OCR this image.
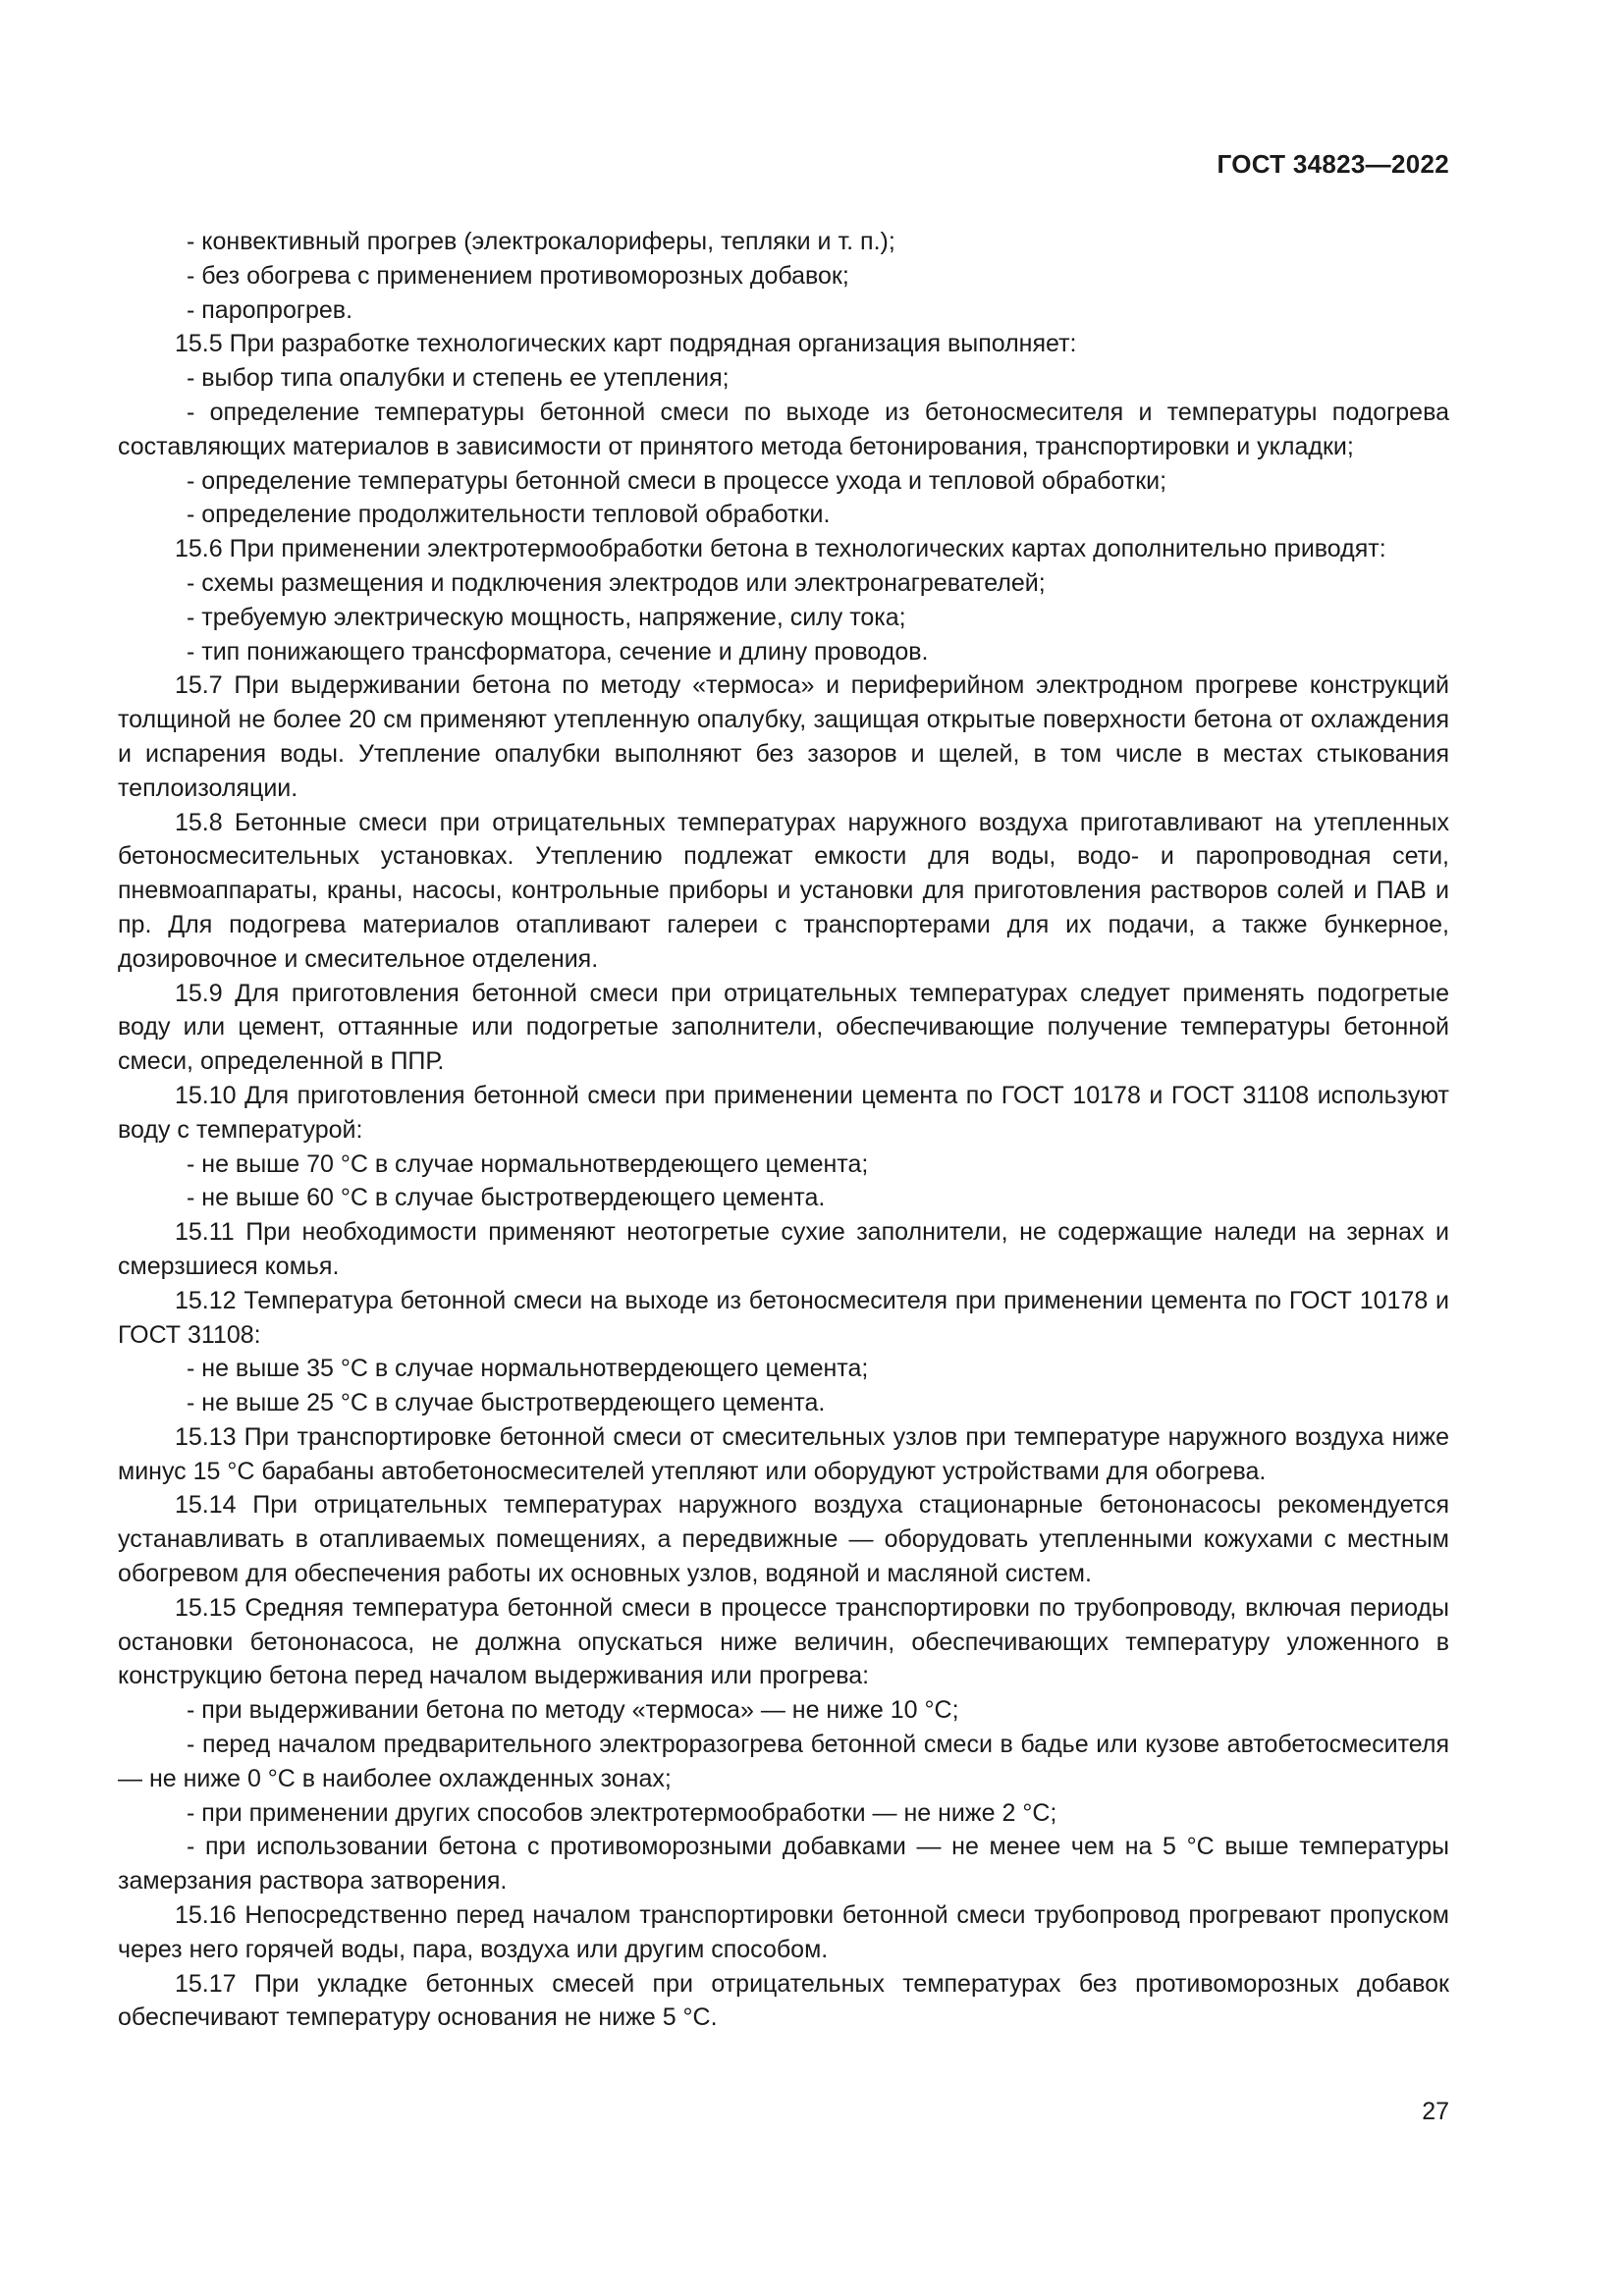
ГОСТ 34823—2022

- конвективный прогрев (электрокалориферы, тепляки и т. п.);

- без обогрева с применением противоморозных добавок;

- паропрогрев.

15.5 При разработке технологических карт подрядная организация выполняет:

- выбор типа опалубки и степень ее утепления;

- определение температуры бетонной смеси по выходе из бетоносмесителя и температуры подогрева составляющих материалов в зависимости от принятого метода бетонирования, транспортировки и укладки;

- определение температуры бетонной смеси в процессе ухода и тепловой обработки;

- определение продолжительности тепловой обработки.

15.6 При применении электротермообработки бетона в технологических картах дополнительно приводят:

- схемы размещения и подключения электродов или электронагревателей;

- требуемую электрическую мощность, напряжение, силу тока;

- тип понижающего трансформатора, сечение и длину проводов.

15.7 При выдерживании бетона по методу «термоса» и периферийном электродном прогреве конструкций толщиной не более 20 см применяют утепленную опалубку, защищая открытые поверхности бетона от охлаждения и испарения воды. Утепление опалубки выполняют без зазоров и щелей, в том числе в местах стыкования теплоизоляции.

15.8 Бетонные смеси при отрицательных температурах наружного воздуха приготавливают на утепленных бетоносмесительных установках. Утеплению подлежат емкости для воды, водо- и паропроводная сети, пневмоаппараты, краны, насосы, контрольные приборы и установки для приготовления растворов солей и ПАВ и пр. Для подогрева материалов отапливают галереи с транспортерами для их подачи, а также бункерное, дозировочное и смесительное отделения.

15.9 Для приготовления бетонной смеси при отрицательных температурах следует применять подогретые воду или цемент, оттаянные или подогретые заполнители, обеспечивающие получение температуры бетонной смеси, определенной в ППР.

15.10 Для приготовления бетонной смеси при применении цемента по ГОСТ 10178 и ГОСТ 31108 используют воду с температурой:

- не выше 70 °С в случае нормальнотвердеющего цемента;

- не выше 60 °С в случае быстротвердеющего цемента.

15.11 При необходимости применяют неотогретые сухие заполнители, не содержащие наледи на зернах и смерзшиеся комья.

15.12 Температура бетонной смеси на выходе из бетоносмесителя при применении цемента по ГОСТ 10178 и ГОСТ 31108:

- не выше 35 °С в случае нормальнотвердеющего цемента;

- не выше 25 °С в случае быстротвердеющего цемента.

15.13 При транспортировке бетонной смеси от смесительных узлов при температуре наружного воздуха ниже минус 15 °С барабаны автобетоносмесителей утепляют или оборудуют устройствами для обогрева.

15.14 При отрицательных температурах наружного воздуха стационарные бетононасосы рекомендуется устанавливать в отапливаемых помещениях, а передвижные — оборудовать утепленными кожухами с местным обогревом для обеспечения работы их основных узлов, водяной и масляной систем.

15.15 Средняя температура бетонной смеси в процессе транспортировки по трубопроводу, включая периоды остановки бетононасоса, не должна опускаться ниже величин, обеспечивающих температуру уложенного в конструкцию бетона перед началом выдерживания или прогрева:

- при выдерживании бетона по методу «термоса» — не ниже 10 °С;

- перед началом предварительного электроразогрева бетонной смеси в бадье или кузове автобетосмесителя — не ниже 0 °С в наиболее охлажденных зонах;

- при применении других способов электротермообработки — не ниже 2 °С;

- при использовании бетона с противоморозными добавками — не менее чем на 5 °С выше температуры замерзания раствора затворения.

15.16 Непосредственно перед началом транспортировки бетонной смеси трубопровод прогревают пропуском через него горячей воды, пара, воздуха или другим способом.

15.17 При укладке бетонных смесей при отрицательных температурах без противоморозных добавок обеспечивают температуру основания не ниже 5 °С.

27
